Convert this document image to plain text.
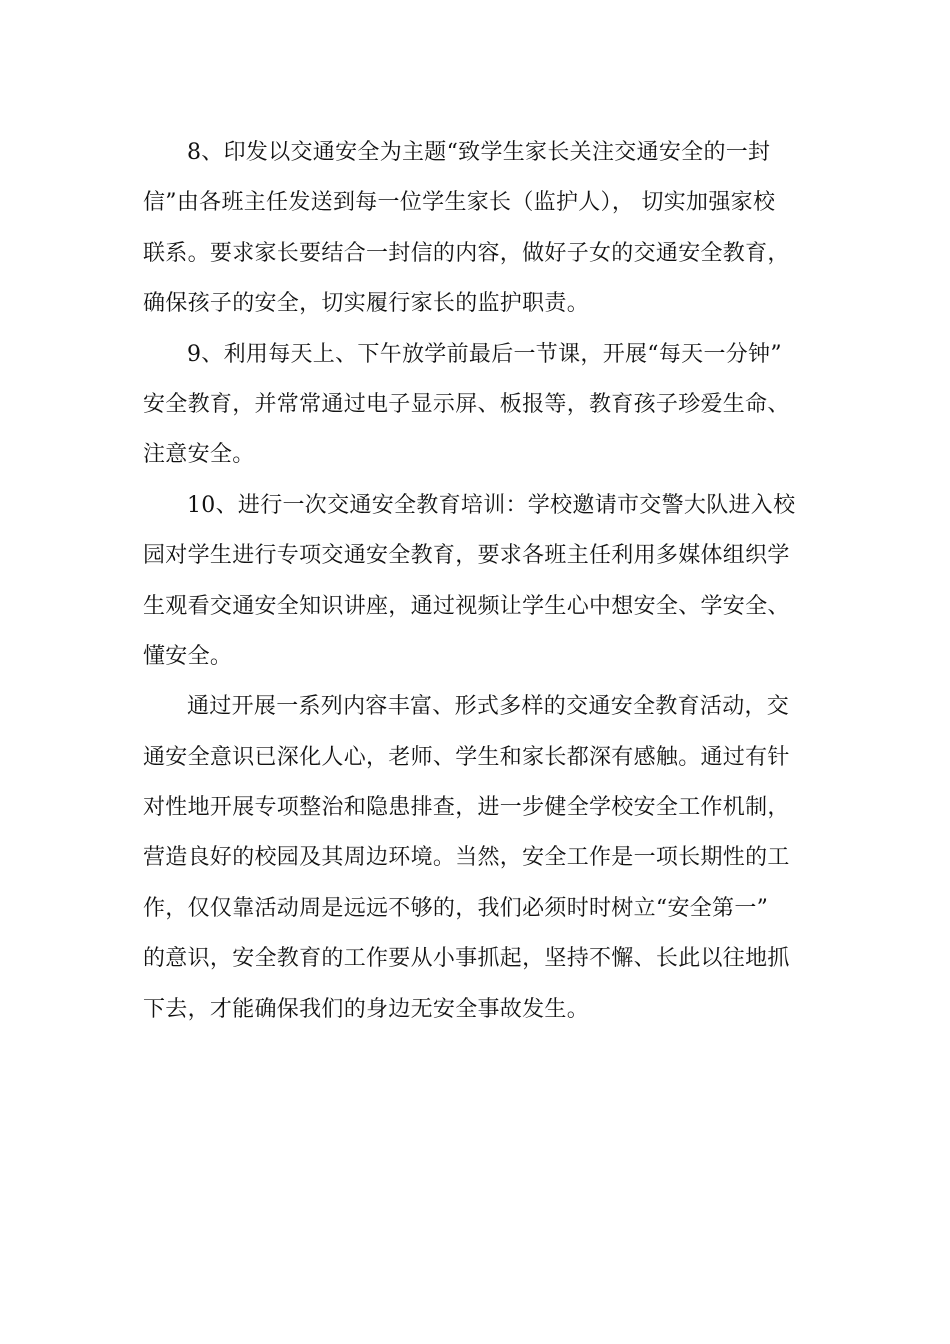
8、印发以交通安全为主题“致学生家长关注交通安全的一封
信”由各班主任发送到每一位学生家长（监护人）， 切实加强家校
联系。要求家长要结合一封信的内容，做好子女的交通安全教育，
确保孩子的安全，切实履行家长的监护职责。
9、利用每天上、下午放学前最后一节课，开展“每天一分钟”
安全教育，并常常通过电子显示屏、板报等，教育孩子珍爱生命、
注意安全。
10、进行一次交通安全教育培训：学校邀请市交警大队进入校
园对学生进行专项交通安全教育，要求各班主任利用多媒体组织学
生观看交通安全知识讲座，通过视频让学生心中想安全、学安全、
懂安全。
通过开展一系列内容丰富、形式多样的交通安全教育活动，交
通安全意识已深化人心，老师、学生和家长都深有感触。通过有针
对性地开展专项整治和隐患排查，进一步健全学校安全工作机制，
营造良好的校园及其周边环境。当然，安全工作是一项长期性的工
作，仅仅靠活动周是远远不够的，我们必须时时树立“安全第一”
的意识，安全教育的工作要从小事抓起，坚持不懈、长此以往地抓
下去，才能确保我们的身边无安全事故发生。
